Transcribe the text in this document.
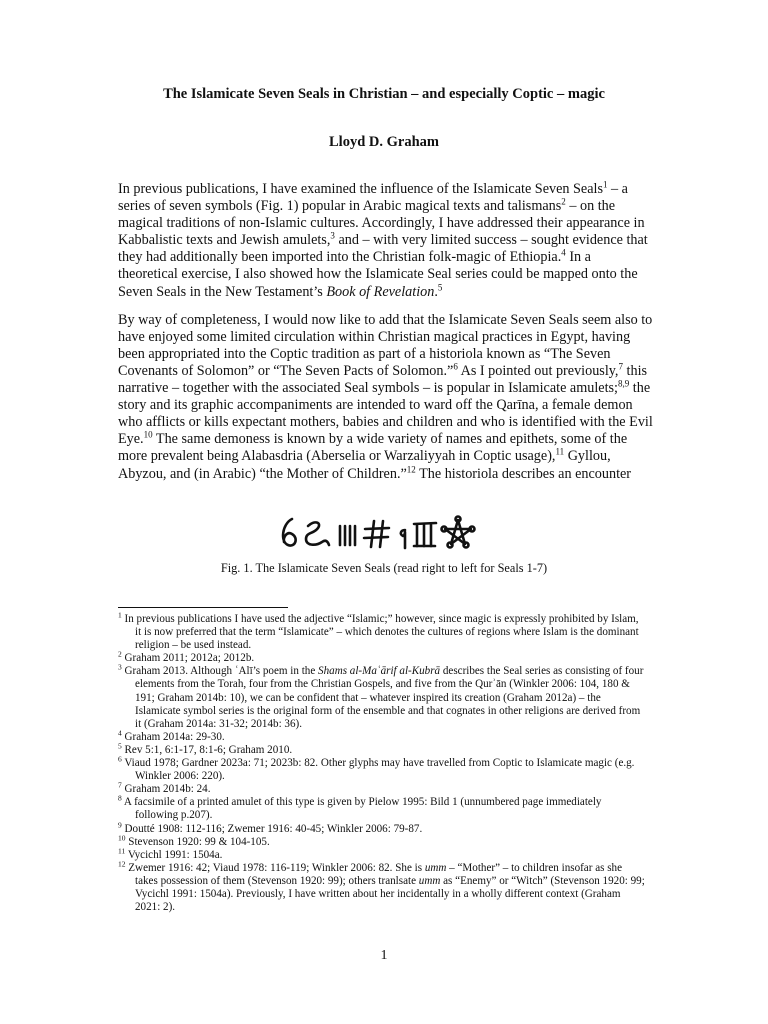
The Islamicate Seven Seals in Christian – and especially Coptic – magic
Lloyd D. Graham

In previous publications, I have examined the influence of the Islamicate Seven Seals$^1$ – a series of seven symbols (Fig. 1) popular in Arabic magical texts and talismans$^2$ – on the magical traditions of non-Islamic cultures. Accordingly, I have addressed their appearance in Kabbalistic texts and Jewish amulets,$^3$ and – with very limited success – sought evidence that they had additionally been imported into the Christian folk-magic of Ethiopia.$^4$ In a theoretical exercise, I also showed how the Islamicate Seal series could be mapped onto the Seven Seals in the New Testament’s Book of Revelation.$^5$

By way of completeness, I would now like to add that the Islamicate Seven Seals seem also to have enjoyed some limited circulation within Christian magical practices in Egypt, having been appropriated into the Coptic tradition as part of a historiola known as “The Seven Covenants of Solomon” or “The Seven Pacts of Solomon.”$^6$ As I pointed out previously,$^7$ this narrative – together with the associated Seal symbols – is popular in Islamicate amulets;$^{8,9}$ the story and its graphic accompaniments are intended to ward off the Qarīna, a female demon who afflicts or kills expectant mothers, babies and children and who is identified with the Evil Eye.$^{10}$ The same demoness is known by a wide variety of names and epithets, some of the more prevalent being Alabasdria (Aberselia or Warzaliyyah in Coptic usage),$^{11}$ Gyllou, Abyzou, and (in Arabic) “the Mother of Children.”$^{12}$ The historiola describes an encounter

Fig. 1. The Islamicate Seven Seals (read right to left for Seals 1-7)

$^1$ In previous publications I have used the adjective “Islamic;” however, since magic is expressly prohibited by Islam, it is now preferred that the term “Islamicate” – which denotes the cultures of regions where Islam is the dominant religion – be used instead.

$^2$ Graham 2011; 2012a; 2012b.

$^3$ Graham 2013. Although ʿAlī’s poem in the Shams al-Maʿārif al-Kubrā describes the Seal series as consisting of four elements from the Torah, four from the Christian Gospels, and five from the Qurʾān (Winkler 2006: 104, 180 & 191; Graham 2014b: 10), we can be confident that – whatever inspired its creation (Graham 2012a) – the Islamicate symbol series is the original form of the ensemble and that cognates in other religions are derived from it (Graham 2014a: 31-32; 2014b: 36).

$^4$ Graham 2014a: 29-30.

$^5$ Rev 5:1, 6:1-17, 8:1-6; Graham 2010.

$^6$ Viaud 1978; Gardner 2023a: 71; 2023b: 82. Other glyphs may have travelled from Coptic to Islamicate magic (e.g. Winkler 2006: 220).

$^7$ Graham 2014b: 24.

$^8$ A facsimile of a printed amulet of this type is given by Pielow 1995: Bild 1 (unnumbered page immediately following p.207).

$^9$ Doutté 1908: 112-116; Zwemer 1916: 40-45; Winkler 2006: 79-87.

$^{10}$ Stevenson 1920: 99 & 104-105.

$^{11}$ Vycichl 1991: 1504a.

$^{12}$ Zwemer 1916: 42; Viaud 1978: 116-119; Winkler 2006: 82. She is umm – “Mother” – to children insofar as she takes possession of them (Stevenson 1920: 99); others tranlsate umm as “Enemy” or “Witch” (Stevenson 1920: 99; Vycichl 1991: 1504a). Previously, I have written about her incidentally in a wholly different context (Graham 2021: 2).

1
